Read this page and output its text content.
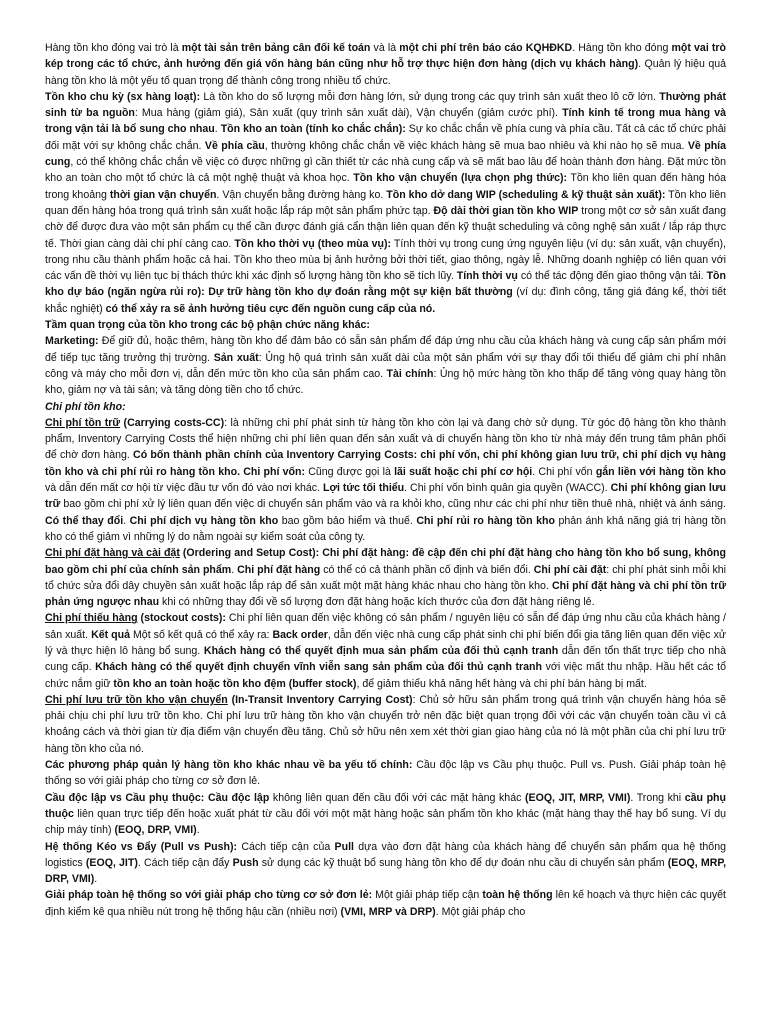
Hàng tồn kho đóng vai trò là một tài sản trên bảng cân đối kế toán và là một chi phí trên báo cáo KQHĐKD. Hàng tồn kho đóng một vai trò kép trong các tổ chức, ảnh hưởng đến giá vốn hàng bán cũng như hỗ trợ thực hiện đơn hàng (dịch vụ khách hàng). Quản lý hiệu quả hàng tồn kho là một yếu tố quan trọng để thành công trong nhiều tổ chức.

Tồn kho chu kỳ (sx hàng loạt): Là tồn kho do số lượng mỗi đơn hàng lớn, sử dụng trong các quy trình sản xuất theo lô cỡ lớn. Thường phát sinh từ ba nguồn: Mua hàng (giảm giá), Sản xuất (quy trình sản xuất dài), Vận chuyển (giảm cước phí). Tính kinh tế trong mua hàng và trong vận tải là bổ sung cho nhau. Tồn kho an toàn (tính ko chắc chắn): Sự ko chắc chắn về phía cung và phía cầu. Tất cả các tổ chức phải đối mặt với sự không chắc chắn. Về phía cầu, thường không chắc chắn về việc khách hàng sẽ mua bao nhiêu và khi nào họ sẽ mua. Về phía cung, có thể không chắc chắn về việc có được những gì cần thiết từ các nhà cung cấp và sẽ mất bao lâu để hoàn thành đơn hàng. Đặt mức tồn kho an toàn cho một tổ chức là cả một nghệ thuật và khoa học. Tồn kho vận chuyển (lựa chọn phg thức): Tồn kho liên quan đến hàng hóa trong khoảng thời gian vận chuyển. Vận chuyển bằng đường hàng ko. Tồn kho dở dang WIP (scheduling & kỹ thuật sản xuất): Tồn kho liên quan đến hàng hóa trong quá trình sản xuất hoặc lắp ráp một sản phẩm phức tạp. Độ dài thời gian tồn kho WIP trong một cơ sở sản xuất đang chờ để được đưa vào một sản phẩm cụ thể cần được đánh giá cẩn thận liên quan đến kỹ thuật scheduling và công nghệ sản xuất / lắp ráp thực tế. Thời gian càng dài chi phí càng cao. Tồn kho thời vụ (theo mùa vụ): Tính thời vụ trong cung ứng nguyên liệu (ví dụ: sản xuất, vận chuyển), trong nhu cầu thành phẩm hoặc cả hai. Tồn kho theo mùa bị ảnh hưởng bởi thời tiết, giao thông, ngày lễ. Những doanh nghiệp có liên quan với các vấn đề thời vụ liên tục bị thách thức khi xác định số lượng hàng tồn kho sẽ tích lũy. Tính thời vụ có thể tác động đến giao thông vận tải. Tồn kho dự báo (ngăn ngừa rủi ro): Dự trữ hàng tồn kho dự đoán rằng một sự kiện bất thường (ví dụ: đình công, tăng giá đáng kể, thời tiết khắc nghiệt) có thể xảy ra sẽ ảnh hưởng tiêu cực đến nguồn cung cấp của nó.

Tầm quan trọng của tồn kho trong các bộ phận chức năng khác:

Marketing: Để giữ đủ, hoặc thêm, hàng tồn kho để đảm bảo có sẵn sản phẩm để đáp ứng nhu cầu của khách hàng và cung cấp sản phẩm mới để tiếp tục tăng trưởng thị trường. Sản xuất: Ủng hộ quá trình sản xuất dài của một sản phẩm với sự thay đổi tối thiểu để giảm chi phí nhân công và máy cho mỗi đơn vị, dẫn đến mức tồn kho của sản phẩm cao. Tài chính: Ủng hộ mức hàng tồn kho thấp để tăng vòng quay hàng tồn kho, giảm nợ và tài sản; và tăng dòng tiền cho tổ chức.

Chi phí tồn kho:

Chi phí tồn trữ (Carrying costs-CC): là những chi phí phát sinh từ hàng tồn kho còn lại và đang chờ sử dụng. Từ góc độ hàng tồn kho thành phẩm, Inventory Carrying Costs thể hiện những chi phí liên quan đến sản xuất và di chuyển hàng tồn kho từ nhà máy đến trung tâm phân phối để chờ đơn hàng. Có bốn thành phần chính của Inventory Carrying Costs: chi phí vốn, chi phí không gian lưu trữ, chi phí dịch vụ hàng tồn kho và chi phí rủi ro hàng tồn kho. Chi phí vốn: Cũng được gọi là lãi suất hoặc chi phí cơ hội. Chi phí vốn gắn liền với hàng tồn kho và dẫn đến mất cơ hội từ việc đầu tư vốn đó vào nơi khác. Lợi tức tối thiểu. Chi phí vốn bình quân gia quyền (WACC). Chi phí không gian lưu trữ bao gồm chi phí xử lý liên quan đến việc di chuyển sản phẩm vào và ra khỏi kho, cũng như các chi phí như tiền thuê nhà, nhiệt và ánh sáng. Có thể thay đổi. Chi phí dịch vụ hàng tồn kho bao gồm bảo hiểm và thuế. Chi phí rủi ro hàng tồn kho phản ánh khả năng giá trị hàng tồn kho có thể giảm vì những lý do nằm ngoài sự kiểm soát của công ty.

Chi phí đặt hàng và cài đặt (Ordering and Setup Cost): Chi phí đặt hàng: đề cập đến chi phí đặt hàng cho hàng tồn kho bổ sung, không bao gồm chi phí của chính sản phẩm. Chi phí đặt hàng có thể có cả thành phần cố định và biến đổi. Chi phí cài đặt: chi phí phát sinh mỗi khi tổ chức sửa đổi dây chuyền sản xuất hoặc lắp ráp để sản xuất một mặt hàng khác nhau cho hàng tồn kho. Chi phí đặt hàng và chi phí tồn trữ phản ứng ngược nhau khi có những thay đổi về số lượng đơn đặt hàng hoặc kích thước của đơn đặt hàng riêng lẻ.

Chi phí thiếu hàng (stockout costs): Chi phí liên quan đến việc không có sản phẩm / nguyên liệu có sẵn để đáp ứng nhu cầu của khách hàng / sản xuất. Kết quả Một số kết quả có thể xảy ra: Back order, dẫn đến việc nhà cung cấp phát sinh chi phí biến đổi gia tăng liên quan đến việc xử lý và thực hiện lô hàng bổ sung. Khách hàng có thể quyết định mua sản phẩm của đối thủ cạnh tranh dẫn đến tổn thất trực tiếp cho nhà cung cấp. Khách hàng có thể quyết định chuyển vĩnh viễn sang sản phẩm của đối thủ cạnh tranh với việc mất thu nhập. Hầu hết các tổ chức nắm giữ tồn kho an toàn hoặc tồn kho đệm (buffer stock), để giảm thiểu khả năng hết hàng và chi phí bán hàng bị mất.

Chi phí lưu trữ tồn kho vận chuyển (In-Transit Inventory Carrying Cost): Chủ sở hữu sản phẩm trong quá trình vận chuyển hàng hóa sẽ phải chịu chi phí lưu trữ tồn kho. Chi phí lưu trữ hàng tồn kho vận chuyển trở nên đặc biệt quan trọng đối với các vận chuyển toàn cầu vì cả khoảng cách và thời gian từ địa điểm vận chuyển đều tăng. Chủ sở hữu nên xem xét thời gian giao hàng của nó là một phần của chi phí lưu trữ hàng tồn kho của nó.

Các phương pháp quản lý hàng tồn kho khác nhau về ba yếu tố chính: Cầu độc lập vs Cầu phụ thuộc. Pull vs. Push. Giải pháp toàn hệ thống so với giải pháp cho từng cơ sở đơn lẻ.

Cầu độc lập vs Cầu phụ thuộc: Cầu độc lập không liên quan đến cầu đối với các mặt hàng khác (EOQ, JIT, MRP, VMI). Trong khi cầu phụ thuộc liên quan trực tiếp đến hoặc xuất phát từ cầu đối với một mặt hàng hoặc sản phẩm tồn kho khác (mặt hàng thay thế hay bổ sung. Ví dụ chip máy tính) (EOQ, DRP, VMI).

Hệ thống Kéo vs Đẩy (Pull vs Push): Cách tiếp cận của Pull dựa vào đơn đặt hàng của khách hàng để chuyển sản phẩm qua hệ thống logistics (EOQ, JIT). Cách tiếp cận đẩy Push sử dụng các kỹ thuật bổ sung hàng tồn kho để dự đoán nhu cầu di chuyển sản phẩm (EOQ, MRP, DRP, VMI).

Giải pháp toàn hệ thống so với giải pháp cho từng cơ sở đơn lẻ: Một giải pháp tiếp cận toàn hệ thống lên kế hoạch và thực hiện các quyết định kiểm kê qua nhiều nút trong hệ thống hậu cần (nhiều nơi) (VMI, MRP và DRP). Một giải pháp cho
